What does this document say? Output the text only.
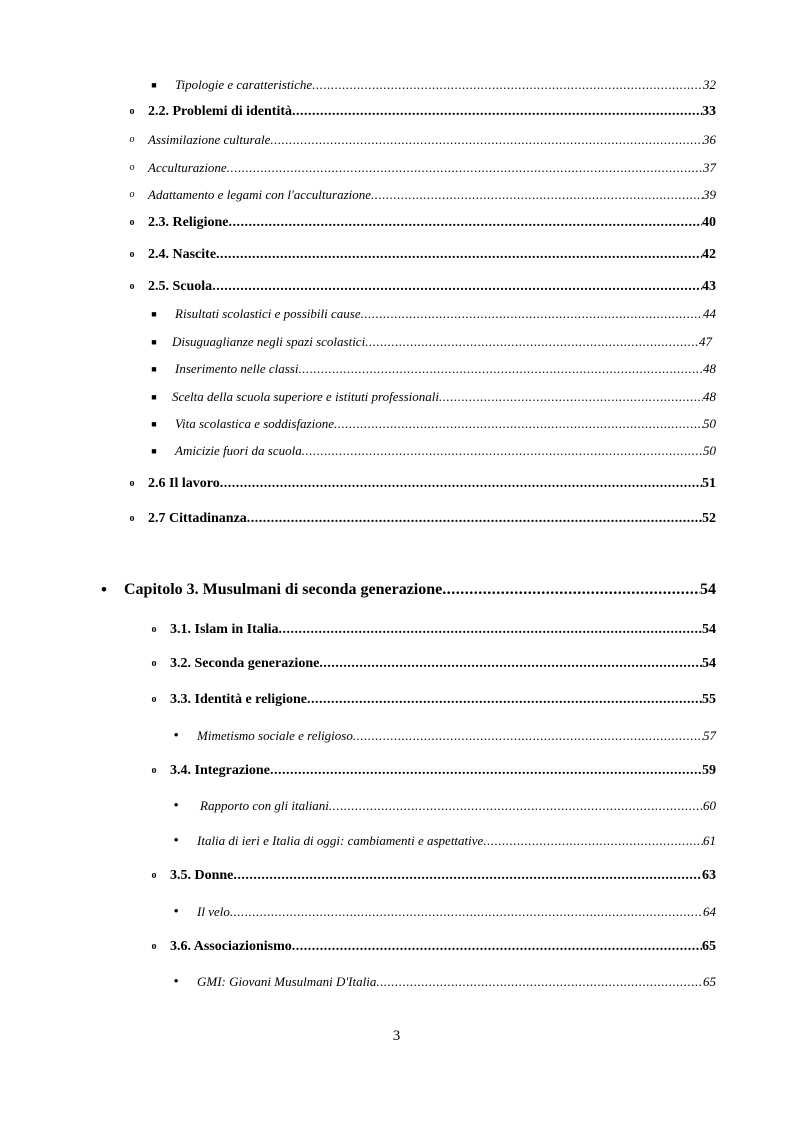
■ Tipologie e caratteristiche .....	32
o 2.2. Problemi di identità .....	33
o Assimilazione culturale .....	36
o Acculturazione .....	37
o Adattamento e legami con l'acculturazione .....	39
o 2.3. Religione .....	40
o 2.4. Nascite .....	42
o 2.5. Scuola .....	43
■ Risultati scolastici e possibili cause .....	44
■ Disuguaglianze negli spazi scolastici .....	47
■ Inserimento nelle classi .....	48
■ Scelta della scuola superiore e istituti professionali .....	48
■ Vita scolastica e soddisfazione .....	50
■ Amicizie fuori da scuola .....	50
o 2.6 Il lavoro .....	51
o 2.7 Cittadinanza .....	52
• Capitolo 3. Musulmani di seconda generazione .....	54
o 3.1. Islam in Italia .....	54
o 3.2. Seconda generazione .....	54
o 3.3. Identità e religione .....	55
• Mimetismo sociale e religioso .....	57
o 3.4. Integrazione .....	59
• Rapporto con gli italiani .....	60
• Italia di ieri e Italia di oggi: cambiamenti e aspettative .....	61
o 3.5. Donne .....	63
• Il velo .....	64
o 3.6. Associazionismo .....	65
• GMI: Giovani Musulmani D'Italia .....	65
3
